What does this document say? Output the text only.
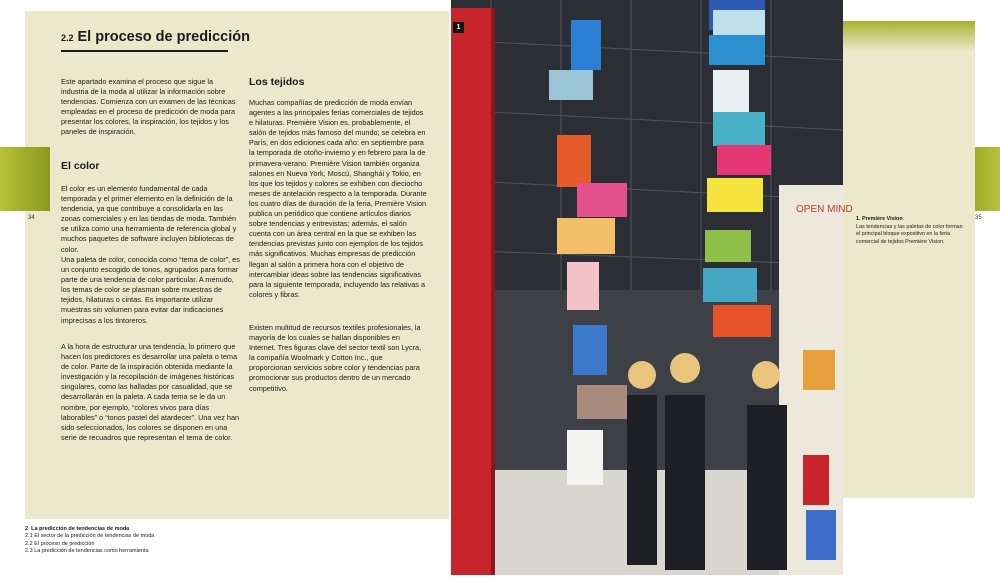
34	35
2.2 El proceso de predicción
Este apartado examina el proceso que sigue la industria de la moda al utilizar la información sobre tendencias. Comienza con un examen de las técnicas empleadas en el proceso de predicción de moda para presentar los colores, la inspiración, los tejidos y los paneles de inspiración.
El color
El color es un elemento fundamental de cada temporada y el primer elemento en la definición de la tendencia, ya que contribuye a consolidarla en las zonas comerciales y en las tiendas de moda. También se utiliza como una herramienta de referencia global y muchos paquetes de software incluyen bibliotecas de color.
Una paleta de color, conocida como “tema de color”, es un conjunto escogido de tonos, agrupados para formar parte de una tendencia de color particular. A menudo, los temas de color se plasman sobre muestras de tejidos, hilaturas o cintas. Es importante utilizar muestras sin volumen para evitar dar indicaciones imprecisas a los tintoreros.
A la hora de estructurar una tendencia, lo primero que hacen los predictores es desarrollar una paleta o tema de color. Parte de la inspiración obtenida mediante la investigación y la recopilación de imágenes históricas singulares, como las halladas por casualidad, que se desarrollarán en la paleta. A cada tema se le da un nombre, por ejemplo, “colores vivos para días laborables” o “tonos pastel del atardecer”. Una vez han sido seleccionados, los colores se disponen en una serie de recuadros que representan el tema de color.
Los tejidos
Muchas compañías de predicción de moda envían agentes a las principales ferias comerciales de tejidos e hilaturas. Première Vision es, probablemente, el salón de tejidos más famoso del mundo; se celebra en París, en dos ediciones cada año: en septiembre para la temporada de otoño-invierno y en febrero para la de primavera-verano. Première Vision también organiza salones en Nueva York, Moscú, Shanghái y Tokio, en los que los tejidos y colores se exhiben con dieciocho meses de antelación respecto a la temporada. Durante los cuatro días de duración de la feria, Première Vision publica un periódico que contiene artículos diarios sobre tendencias y entrevistas; además, el salón cuenta con un área central en la que se exhiben las tendencias previstas junto con ejemplos de los tejidos más significativos. Muchas empresas de predicción llegan al salón a primera hora con el objetivo de intercambiar ideas sobre las tendencias significativas para la siguiente temporada, incluyendo las relativas a colores y fibras.
Existen multitud de recursos textiles profesionales, la mayoría de los cuales se hallan disponibles en Internet. Tres figuras clave del sector textil son Lycra, la compañía Woolmark y Cotton Inc., que proporcionan servicios sobre color y tendencias para promocionar sus productos dentro de un mercado competitivo.
2 La predicción de tendencias de moda
2.1 El sector de la predicción de tendencias de moda
2.2 El proceso de predicción
2.3 La predicción de tendencias como herramienta
OPEN MIND
1
1. Première Vision
Las tendencias y las paletas de color forman el principal bloque expositivo en la feria comercial de tejidos Première Vision.
